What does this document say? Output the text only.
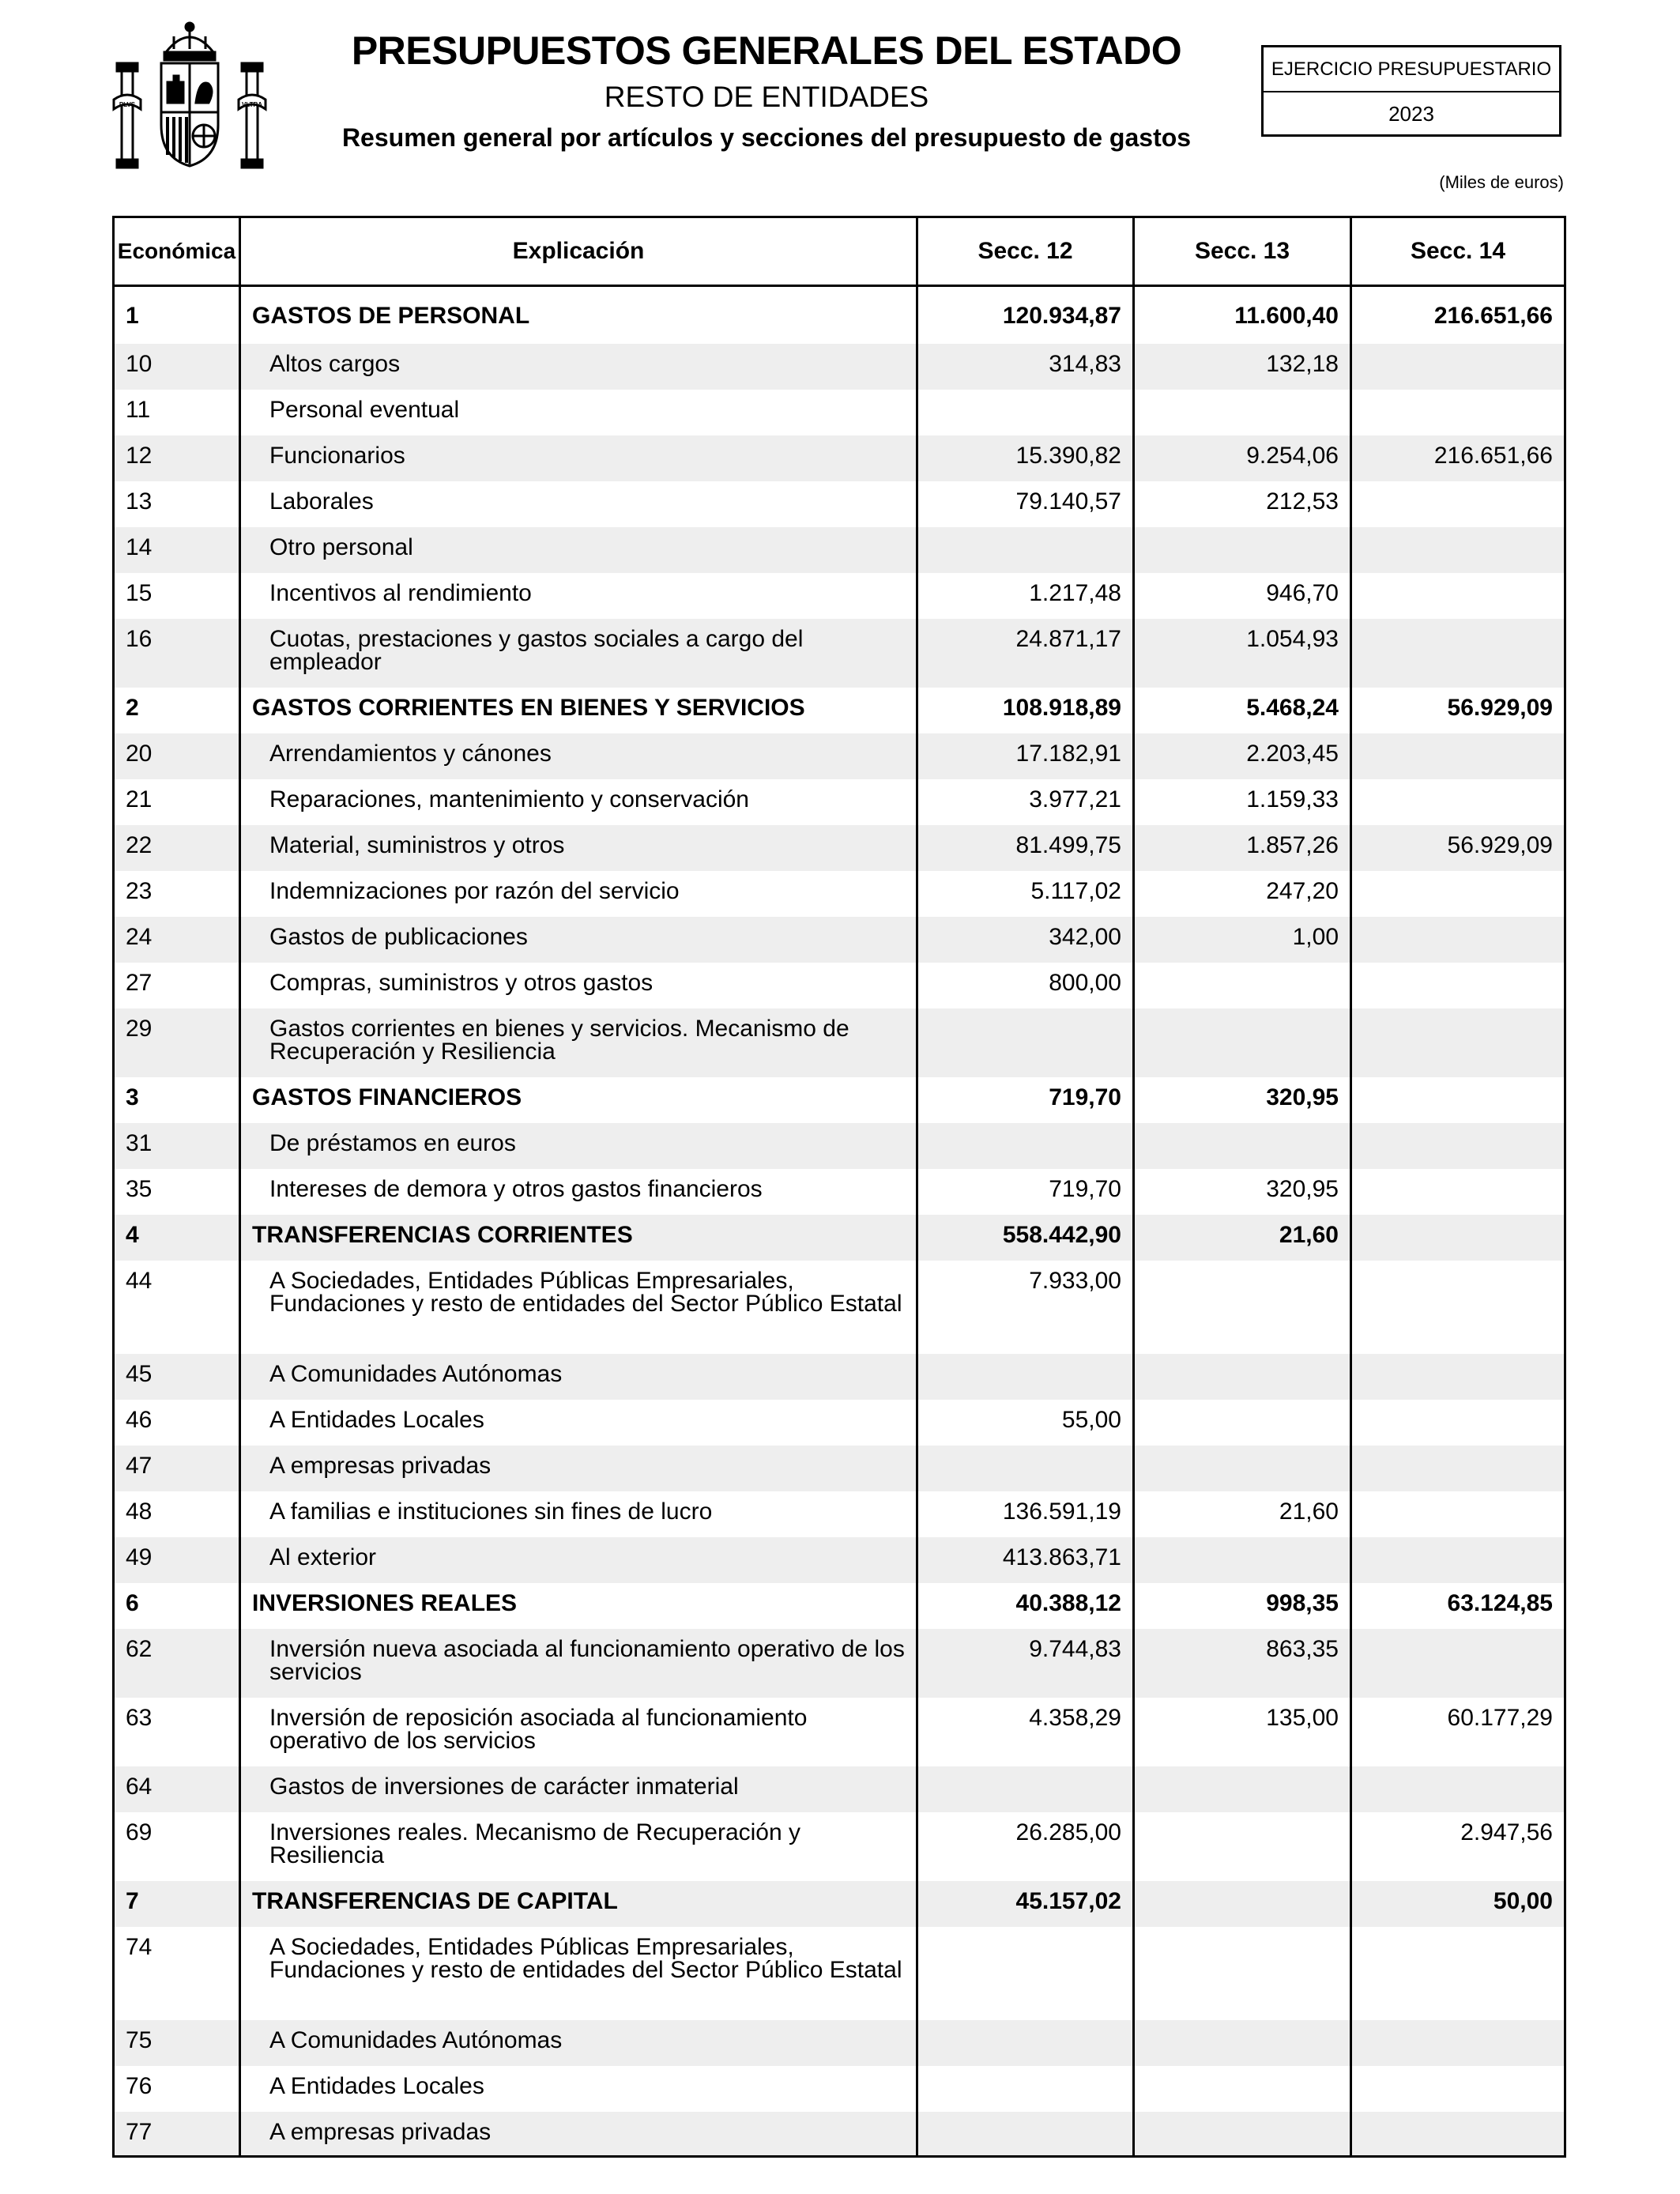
PLVS	VLTRA
PRESUPUESTOS GENERALES DEL ESTADO
RESTO DE ENTIDADES
Resumen general por artículos y secciones del presupuesto de gastos
EJERCICIO PRESUPUESTARIO
2023
(Miles de euros)
Económica	Explicación	Secc. 12	Secc. 13	Secc. 14
1	GASTOS DE PERSONAL	120.934,87	11.600,40	216.651,66
10	Altos cargos	314,83	132,18	
11	Personal eventual			
12	Funcionarios	15.390,82	9.254,06	216.651,66
13	Laborales	79.140,57	212,53	
14	Otro personal			
15	Incentivos al rendimiento	1.217,48	946,70	
16	Cuotas, prestaciones y gastos sociales a cargo del empleador	24.871,17	1.054,93	
2	GASTOS CORRIENTES EN BIENES Y SERVICIOS	108.918,89	5.468,24	56.929,09
20	Arrendamientos y cánones	17.182,91	2.203,45	
21	Reparaciones, mantenimiento y conservación	3.977,21	1.159,33	
22	Material, suministros y otros	81.499,75	1.857,26	56.929,09
23	Indemnizaciones por razón del servicio	5.117,02	247,20	
24	Gastos de publicaciones	342,00	1,00	
27	Compras, suministros y otros gastos	800,00		
29	Gastos corrientes en bienes y servicios. Mecanismo de Recuperación y Resiliencia			
3	GASTOS FINANCIEROS	719,70	320,95	
31	De préstamos en euros			
35	Intereses de demora y otros gastos financieros	719,70	320,95	
4	TRANSFERENCIAS CORRIENTES	558.442,90	21,60	
44	A Sociedades, Entidades Públicas Empresariales, Fundaciones y resto de entidades del Sector Público Estatal	7.933,00		
45	A Comunidades Autónomas			
46	A Entidades Locales	55,00		
47	A empresas privadas			
48	A familias e instituciones sin fines de lucro	136.591,19	21,60	
49	Al exterior	413.863,71		
6	INVERSIONES REALES	40.388,12	998,35	63.124,85
62	Inversión nueva asociada al funcionamiento operativo de los servicios	9.744,83	863,35	
63	Inversión de reposición asociada al funcionamiento operativo de los servicios	4.358,29	135,00	60.177,29
64	Gastos de inversiones de carácter inmaterial			
69	Inversiones reales. Mecanismo de Recuperación y Resiliencia	26.285,00		2.947,56
7	TRANSFERENCIAS DE CAPITAL	45.157,02		50,00
74	A Sociedades, Entidades Públicas Empresariales, Fundaciones y resto de entidades del Sector Público Estatal			
75	A Comunidades Autónomas			
76	A Entidades Locales			
77	A empresas privadas			
